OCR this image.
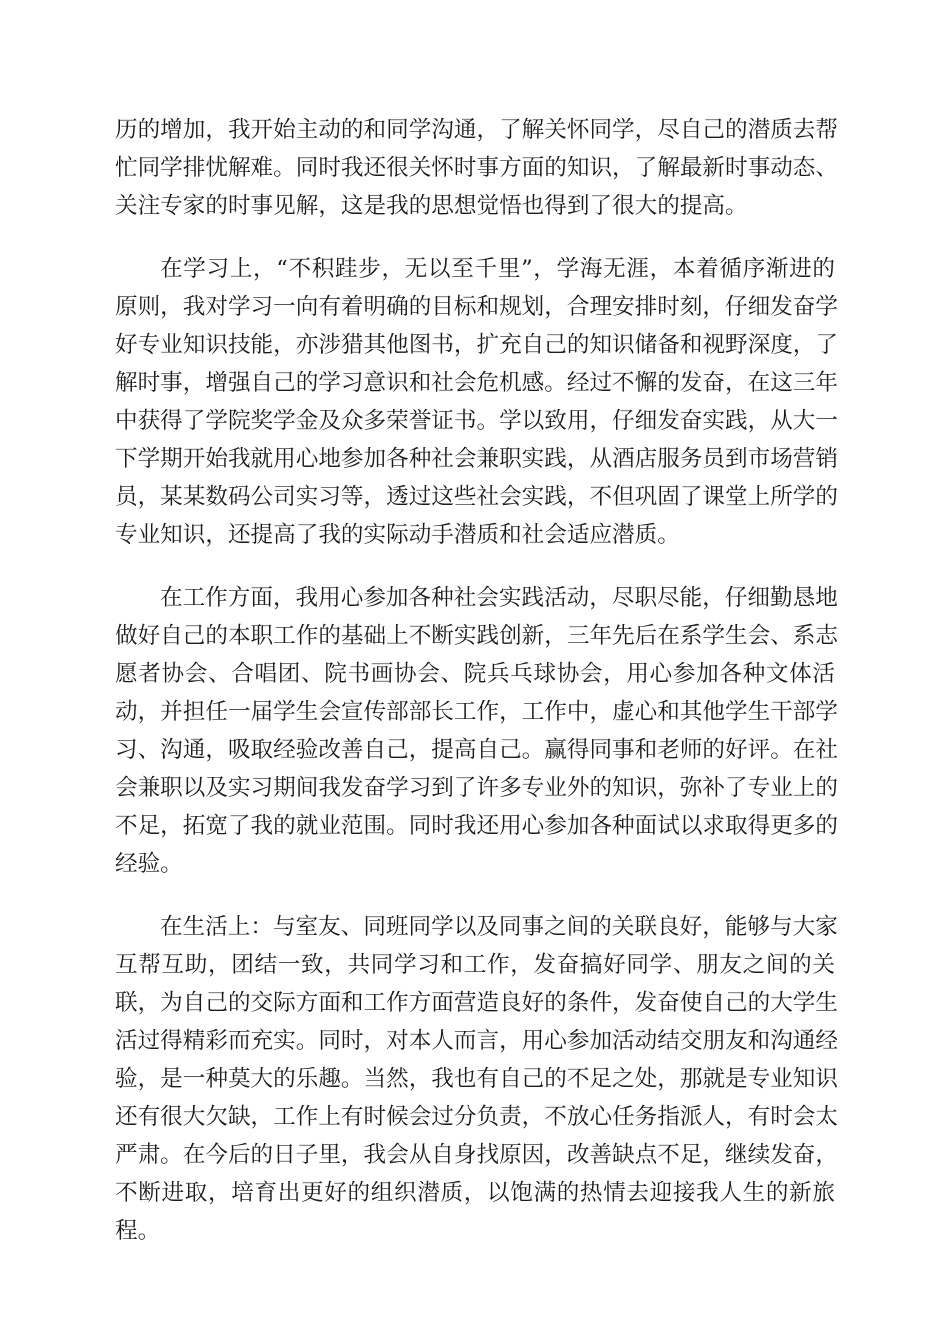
历的增加，我开始主动的和同学沟通，了解关怀同学，尽自己的潜质去帮
忙同学排忧解难。同时我还很关怀时事方面的知识，了解最新时事动态、
关注专家的时事见解，这是我的思想觉悟也得到了很大的提高。
在学习上，“不积跬步，无以至千里”，学海无涯，本着循序渐进的
原则，我对学习一向有着明确的目标和规划，合理安排时刻，仔细发奋学
好专业知识技能，亦涉猎其他图书，扩充自己的知识储备和视野深度，了
解时事，增强自己的学习意识和社会危机感。经过不懈的发奋，在这三年
中获得了学院奖学金及众多荣誉证书。学以致用，仔细发奋实践，从大一
下学期开始我就用心地参加各种社会兼职实践，从酒店服务员到市场营销
员，某某数码公司实习等，透过这些社会实践，不但巩固了课堂上所学的
专业知识，还提高了我的实际动手潜质和社会适应潜质。
在工作方面，我用心参加各种社会实践活动，尽职尽能，仔细勤恳地
做好自己的本职工作的基础上不断实践创新，三年先后在系学生会、系志
愿者协会、合唱团、院书画协会、院兵乓球协会，用心参加各种文体活
动，并担任一届学生会宣传部部长工作，工作中，虚心和其他学生干部学
习、沟通，吸取经验改善自己，提高自己。赢得同事和老师的好评。在社
会兼职以及实习期间我发奋学习到了许多专业外的知识，弥补了专业上的
不足，拓宽了我的就业范围。同时我还用心参加各种面试以求取得更多的
经验。
在生活上：与室友、同班同学以及同事之间的关联良好，能够与大家
互帮互助，团结一致，共同学习和工作，发奋搞好同学、朋友之间的关
联，为自己的交际方面和工作方面营造良好的条件，发奋使自己的大学生
活过得精彩而充实。同时，对本人而言，用心参加活动结交朋友和沟通经
验，是一种莫大的乐趣。当然，我也有自己的不足之处，那就是专业知识
还有很大欠缺，工作上有时候会过分负责，不放心任务指派人，有时会太
严肃。在今后的日子里，我会从自身找原因，改善缺点不足，继续发奋，
不断进取，培育出更好的组织潜质，以饱满的热情去迎接我人生的新旅
程。
